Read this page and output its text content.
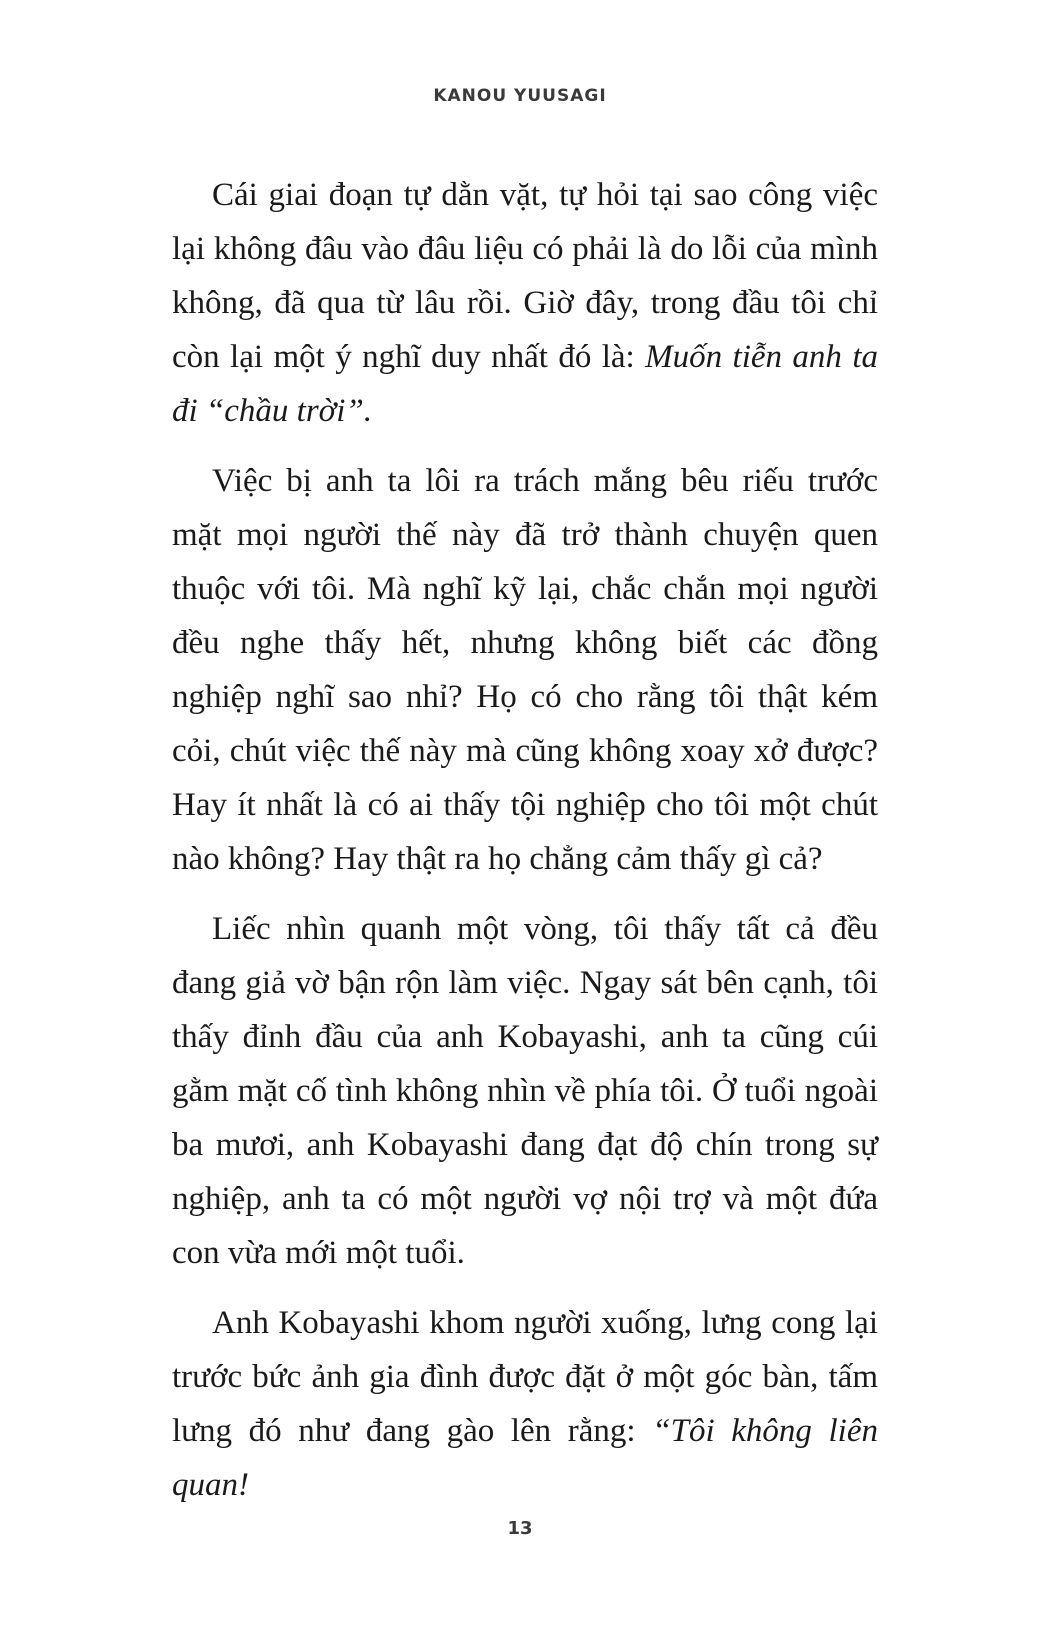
KANOU YUUSAGI

Cái giai đoạn tự dằn vặt, tự hỏi tại sao công việc lại không đâu vào đâu liệu có phải là do lỗi của mình không, đã qua từ lâu rồi. Giờ đây, trong đầu tôi chỉ còn lại một ý nghĩ duy nhất đó là: Muốn tiễn anh ta đi “chầu trời”.

Việc bị anh ta lôi ra trách mắng bêu riếu trước mặt mọi người thế này đã trở thành chuyện quen thuộc với tôi. Mà nghĩ kỹ lại, chắc chắn mọi người đều nghe thấy hết, nhưng không biết các đồng nghiệp nghĩ sao nhỉ? Họ có cho rằng tôi thật kém cỏi, chút việc thế này mà cũng không xoay xở được? Hay ít nhất là có ai thấy tội nghiệp cho tôi một chút nào không? Hay thật ra họ chẳng cảm thấy gì cả?

Liếc nhìn quanh một vòng, tôi thấy tất cả đều đang giả vờ bận rộn làm việc. Ngay sát bên cạnh, tôi thấy đỉnh đầu của anh Kobayashi, anh ta cũng cúi gằm mặt cố tình không nhìn về phía tôi. Ở tuổi ngoài ba mươi, anh Kobayashi đang đạt độ chín trong sự nghiệp, anh ta có một người vợ nội trợ và một đứa con vừa mới một tuổi.

Anh Kobayashi khom người xuống, lưng cong lại trước bức ảnh gia đình được đặt ở một góc bàn, tấm lưng đó như đang gào lên rằng: “Tôi không liên quan!

13
